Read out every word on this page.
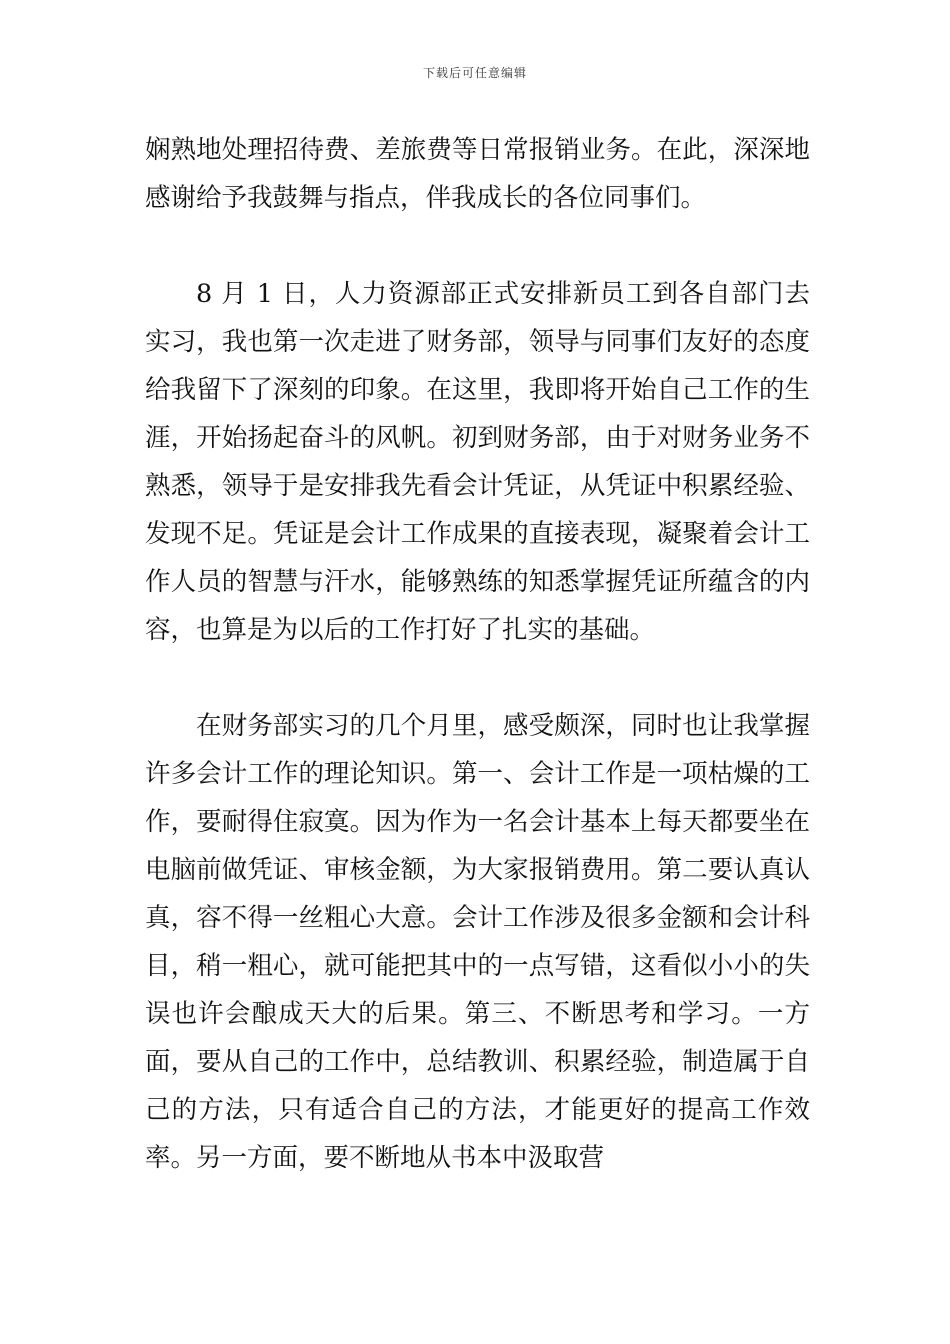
下载后可任意编辑

娴熟地处理招待费、差旅费等日常报销业务。在此，深深地感谢给予我鼓舞与指点，伴我成长的各位同事们。

8 月 1 日，人力资源部正式安排新员工到各自部门去实习，我也第一次走进了财务部，领导与同事们友好的态度给我留下了深刻的印象。在这里，我即将开始自己工作的生涯，开始扬起奋斗的风帆。初到财务部，由于对财务业务不熟悉，领导于是安排我先看会计凭证，从凭证中积累经验、发现不足。凭证是会计工作成果的直接表现，凝聚着会计工作人员的智慧与汗水，能够熟练的知悉掌握凭证所蕴含的内容，也算是为以后的工作打好了扎实的基础。

在财务部实习的几个月里，感受颇深，同时也让我掌握许多会计工作的理论知识。第一、会计工作是一项枯燥的工作，要耐得住寂寞。因为作为一名会计基本上每天都要坐在电脑前做凭证、审核金额，为大家报销费用。第二要认真认真，容不得一丝粗心大意。会计工作涉及很多金额和会计科目，稍一粗心，就可能把其中的一点写错，这看似小小的失误也许会酿成天大的后果。第三、不断思考和学习。一方面，要从自己的工作中，总结教训、积累经验，制造属于自己的方法，只有适合自己的方法，才能更好的提高工作效率。另一方面，要不断地从书本中汲取营
